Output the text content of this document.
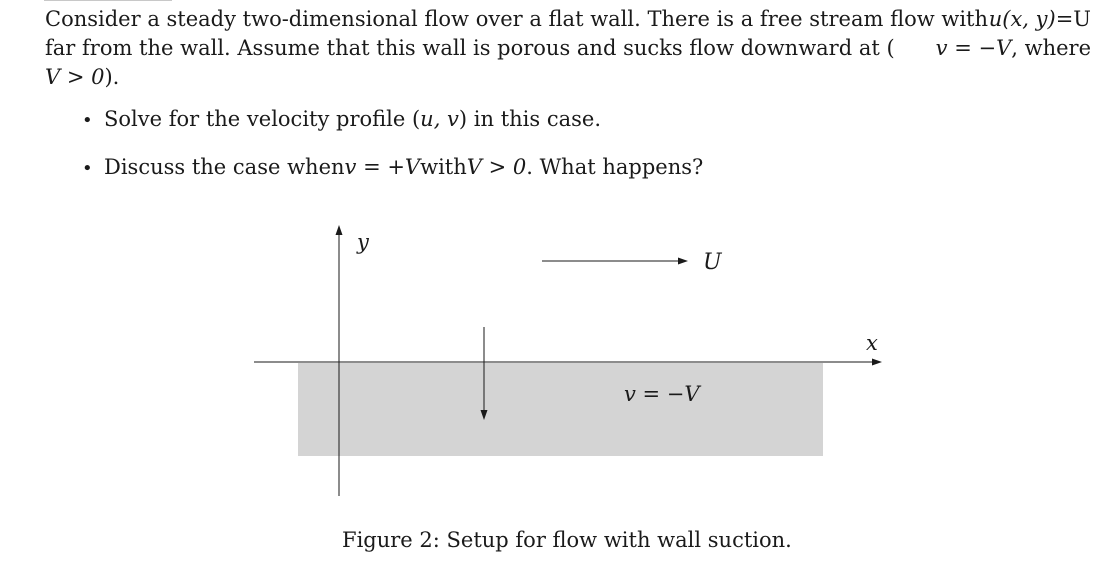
Consider a steady two-dimensional flow over a flat wall. There is a free stream flow with u(x, y)=U
far from the wall. Assume that this wall is porous and sucks flow downward at ( v = −V, where
V > 0 ).
• Solve for the velocity profile ( u, v ) in this case.
• Discuss the case when v = +V with V > 0 . What happens?
y
x
U
v = −V
Figure 2: Setup for flow with wall suction.
